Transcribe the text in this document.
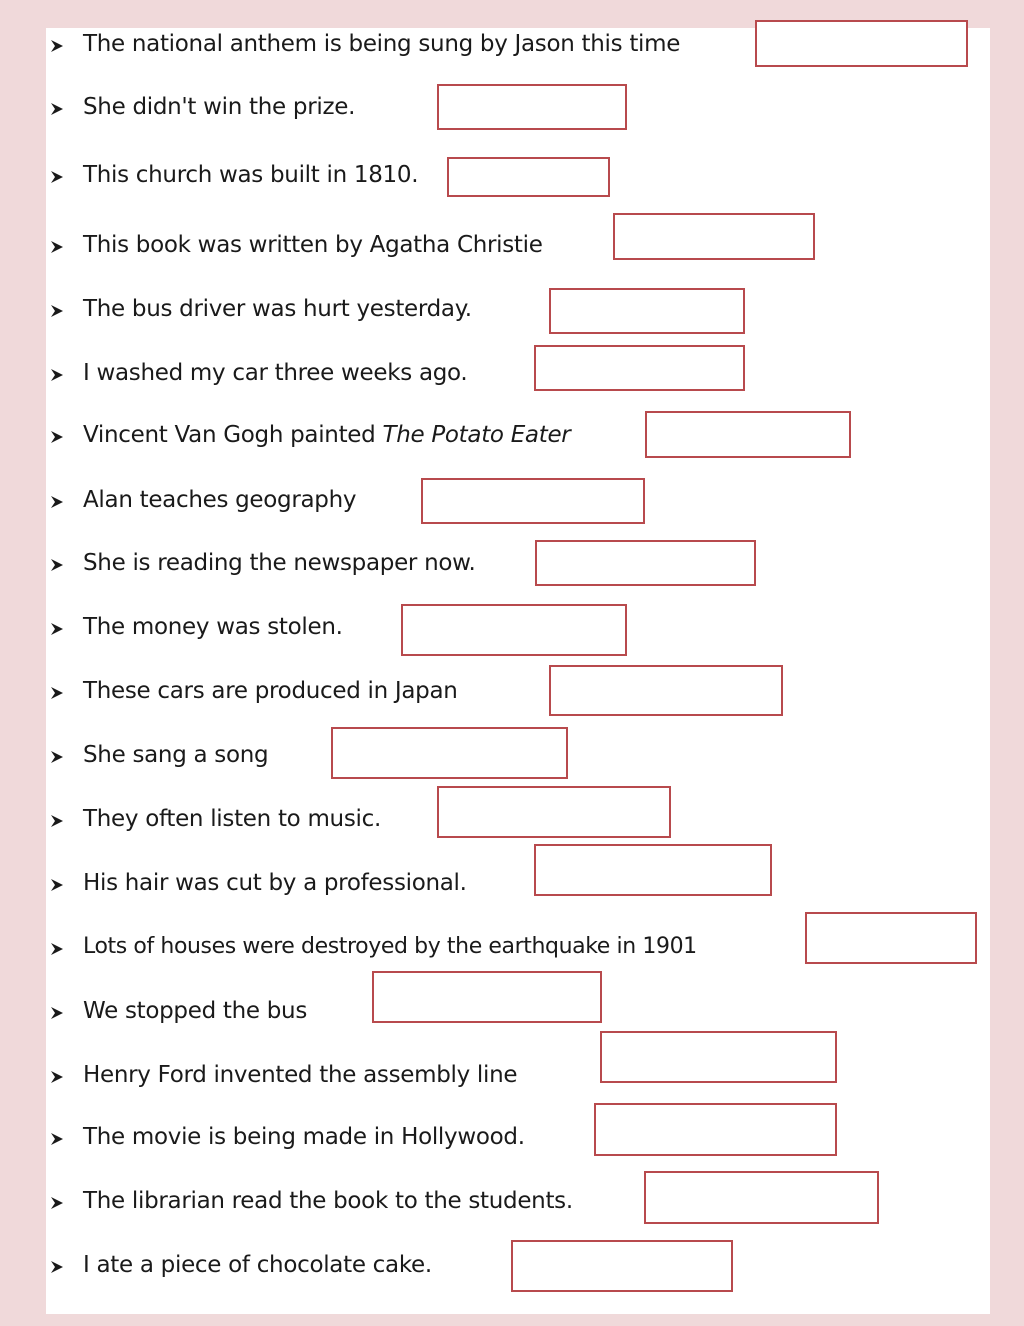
The national anthem is being sung by Jason this time
She didn't win the prize.
This church was built in 1810.
This book was written by Agatha Christie
The bus driver was hurt yesterday.
I washed my car three weeks ago.
Vincent Van Gogh painted The Potato Eater
Alan teaches geography
She is reading the newspaper now.
The money was stolen.
These cars are produced in Japan
She sang a song
They often listen to music.
His hair was cut by a professional.
Lots of houses were destroyed by the earthquake in 1901
We stopped the bus
Henry Ford invented the assembly line
The movie is being made in Hollywood.
The librarian read the book to the students.
I ate a piece of chocolate cake.
